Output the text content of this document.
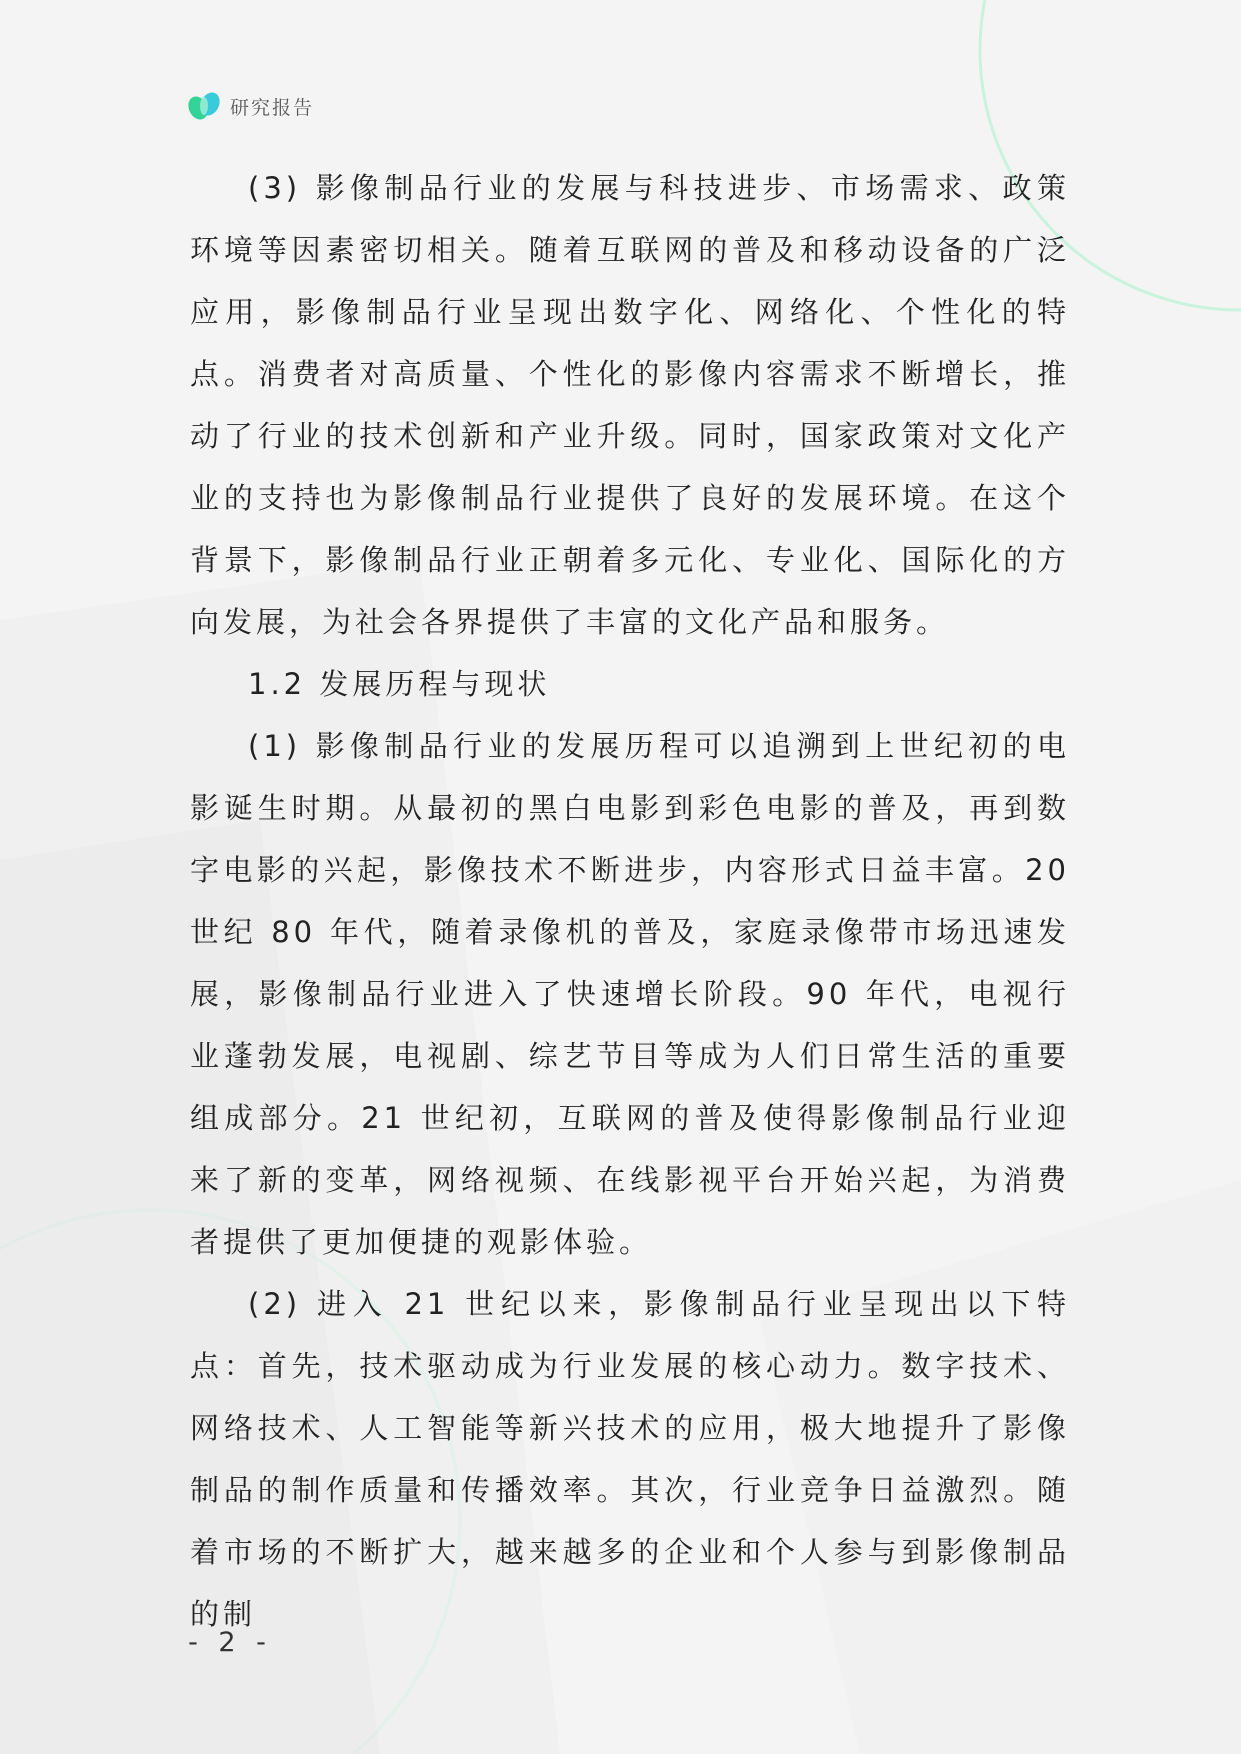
研究报告

(3) 影像制品行业的发展与科技进步、市场需求、政策环境等因素密切相关。随着互联网的普及和移动设备的广泛应用，影像制品行业呈现出数字化、网络化、个性化的特点。消费者对高质量、个性化的影像内容需求不断增长，推动了行业的技术创新和产业升级。同时，国家政策对文化产业的支持也为影像制品行业提供了良好的发展环境。在这个背景下，影像制品行业正朝着多元化、专业化、国际化的方向发展，为社会各界提供了丰富的文化产品和服务。

1.2 发展历程与现状

(1) 影像制品行业的发展历程可以追溯到上世纪初的电影诞生时期。从最初的黑白电影到彩色电影的普及，再到数字电影的兴起，影像技术不断进步，内容形式日益丰富。20 世纪 80 年代，随着录像机的普及，家庭录像带市场迅速发展，影像制品行业进入了快速增长阶段。90 年代，电视行业蓬勃发展，电视剧、综艺节目等成为人们日常生活的重要组成部分。21 世纪初，互联网的普及使得影像制品行业迎来了新的变革，网络视频、在线影视平台开始兴起，为消费者提供了更加便捷的观影体验。

(2) 进入 21 世纪以来，影像制品行业呈现出以下特点：首先，技术驱动成为行业发展的核心动力。数字技术、网络技术、人工智能等新兴技术的应用，极大地提升了影像制品的制作质量和传播效率。其次，行业竞争日益激烈。随着市场的不断扩大，越来越多的企业和个人参与到影像制品的制

- 2 -
